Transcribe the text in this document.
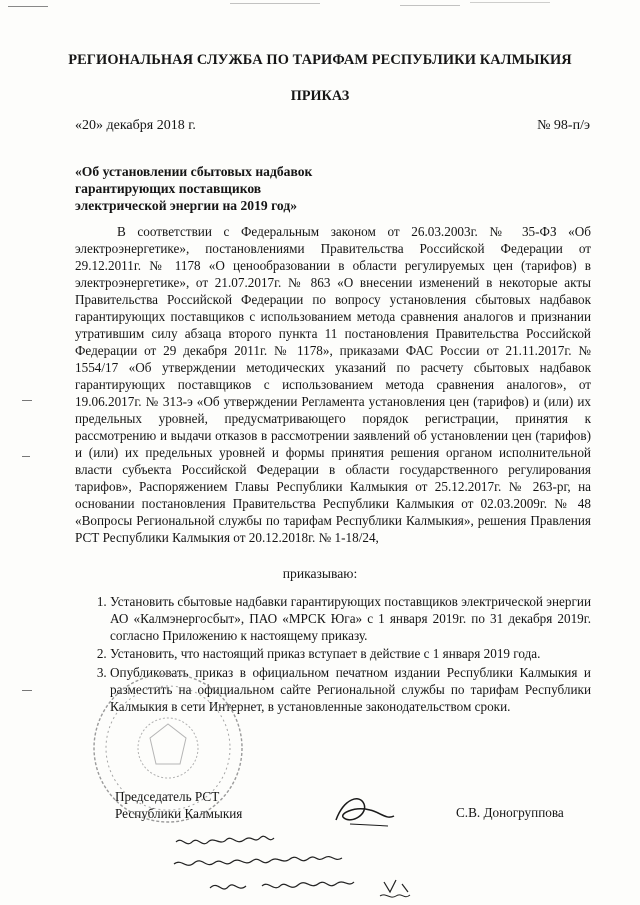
РЕГИОНАЛЬНАЯ СЛУЖБА ПО ТАРИФАМ РЕСПУБЛИКИ КАЛМЫКИЯ
ПРИКАЗ
«20» декабря 2018 г.	№ 98-п/э
«Об установлении сбытовых надбавок
гарантирующих поставщиков
электрической энергии на 2019 год»

В соответствии с Федеральным законом от 26.03.2003г. № 35-ФЗ «Об электроэнергетике», постановлениями Правительства Российской Федерации от 29.12.2011г. № 1178 «О ценообразовании в области регулируемых цен (тарифов) в электроэнергетике», от 21.07.2017г. № 863 «О внесении изменений в некоторые акты Правительства Российской Федерации по вопросу установления сбытовых надбавок гарантирующих поставщиков с использованием метода сравнения аналогов и признании утратившим силу абзаца второго пункта 11 постановления Правительства Российской Федерации от 29 декабря 2011г. № 1178», приказами ФАС России от 21.11.2017г. № 1554/17 «Об утверждении методических указаний по расчету сбытовых надбавок гарантирующих поставщиков с использованием метода сравнения аналогов», от 19.06.2017г. № 313-э «Об утверждении Регламента установления цен (тарифов) и (или) их предельных уровней, предусматривающего порядок регистрации, принятия к рассмотрению и выдачи отказов в рассмотрении заявлений об установлении цен (тарифов) и (или) их предельных уровней и формы принятия решения органом исполнительной власти субъекта Российской Федерации в области государственного регулирования тарифов», Распоряжением Главы Республики Калмыкия от 25.12.2017г. № 263-рг, на основании постановления Правительства Республики Калмыкия от 02.03.2009г. № 48 «Вопросы Региональной службы по тарифам Республики Калмыкия», решения Правления РСТ Республики Калмыкия от 20.12.2018г. № 1-18/24,

приказываю:
1. Установить сбытовые надбавки гарантирующих поставщиков электрической энергии АО «Калмэнергосбыт», ПАО «МРСК Юга» с 1 января 2019г. по 31 декабря 2019г. согласно Приложению к настоящему приказу.
2. Установить, что настоящий приказ вступает в действие с 1 января 2019 года.
3. Опубликовать приказ в официальном печатном издании Республики Калмыкия и разместить на официальном сайте Региональной службы по тарифам Республики Калмыкия в сети Интернет, в установленные законодательством сроки.
Председатель РСТ
Республики Калмыкия	С.В. Доногруппова
